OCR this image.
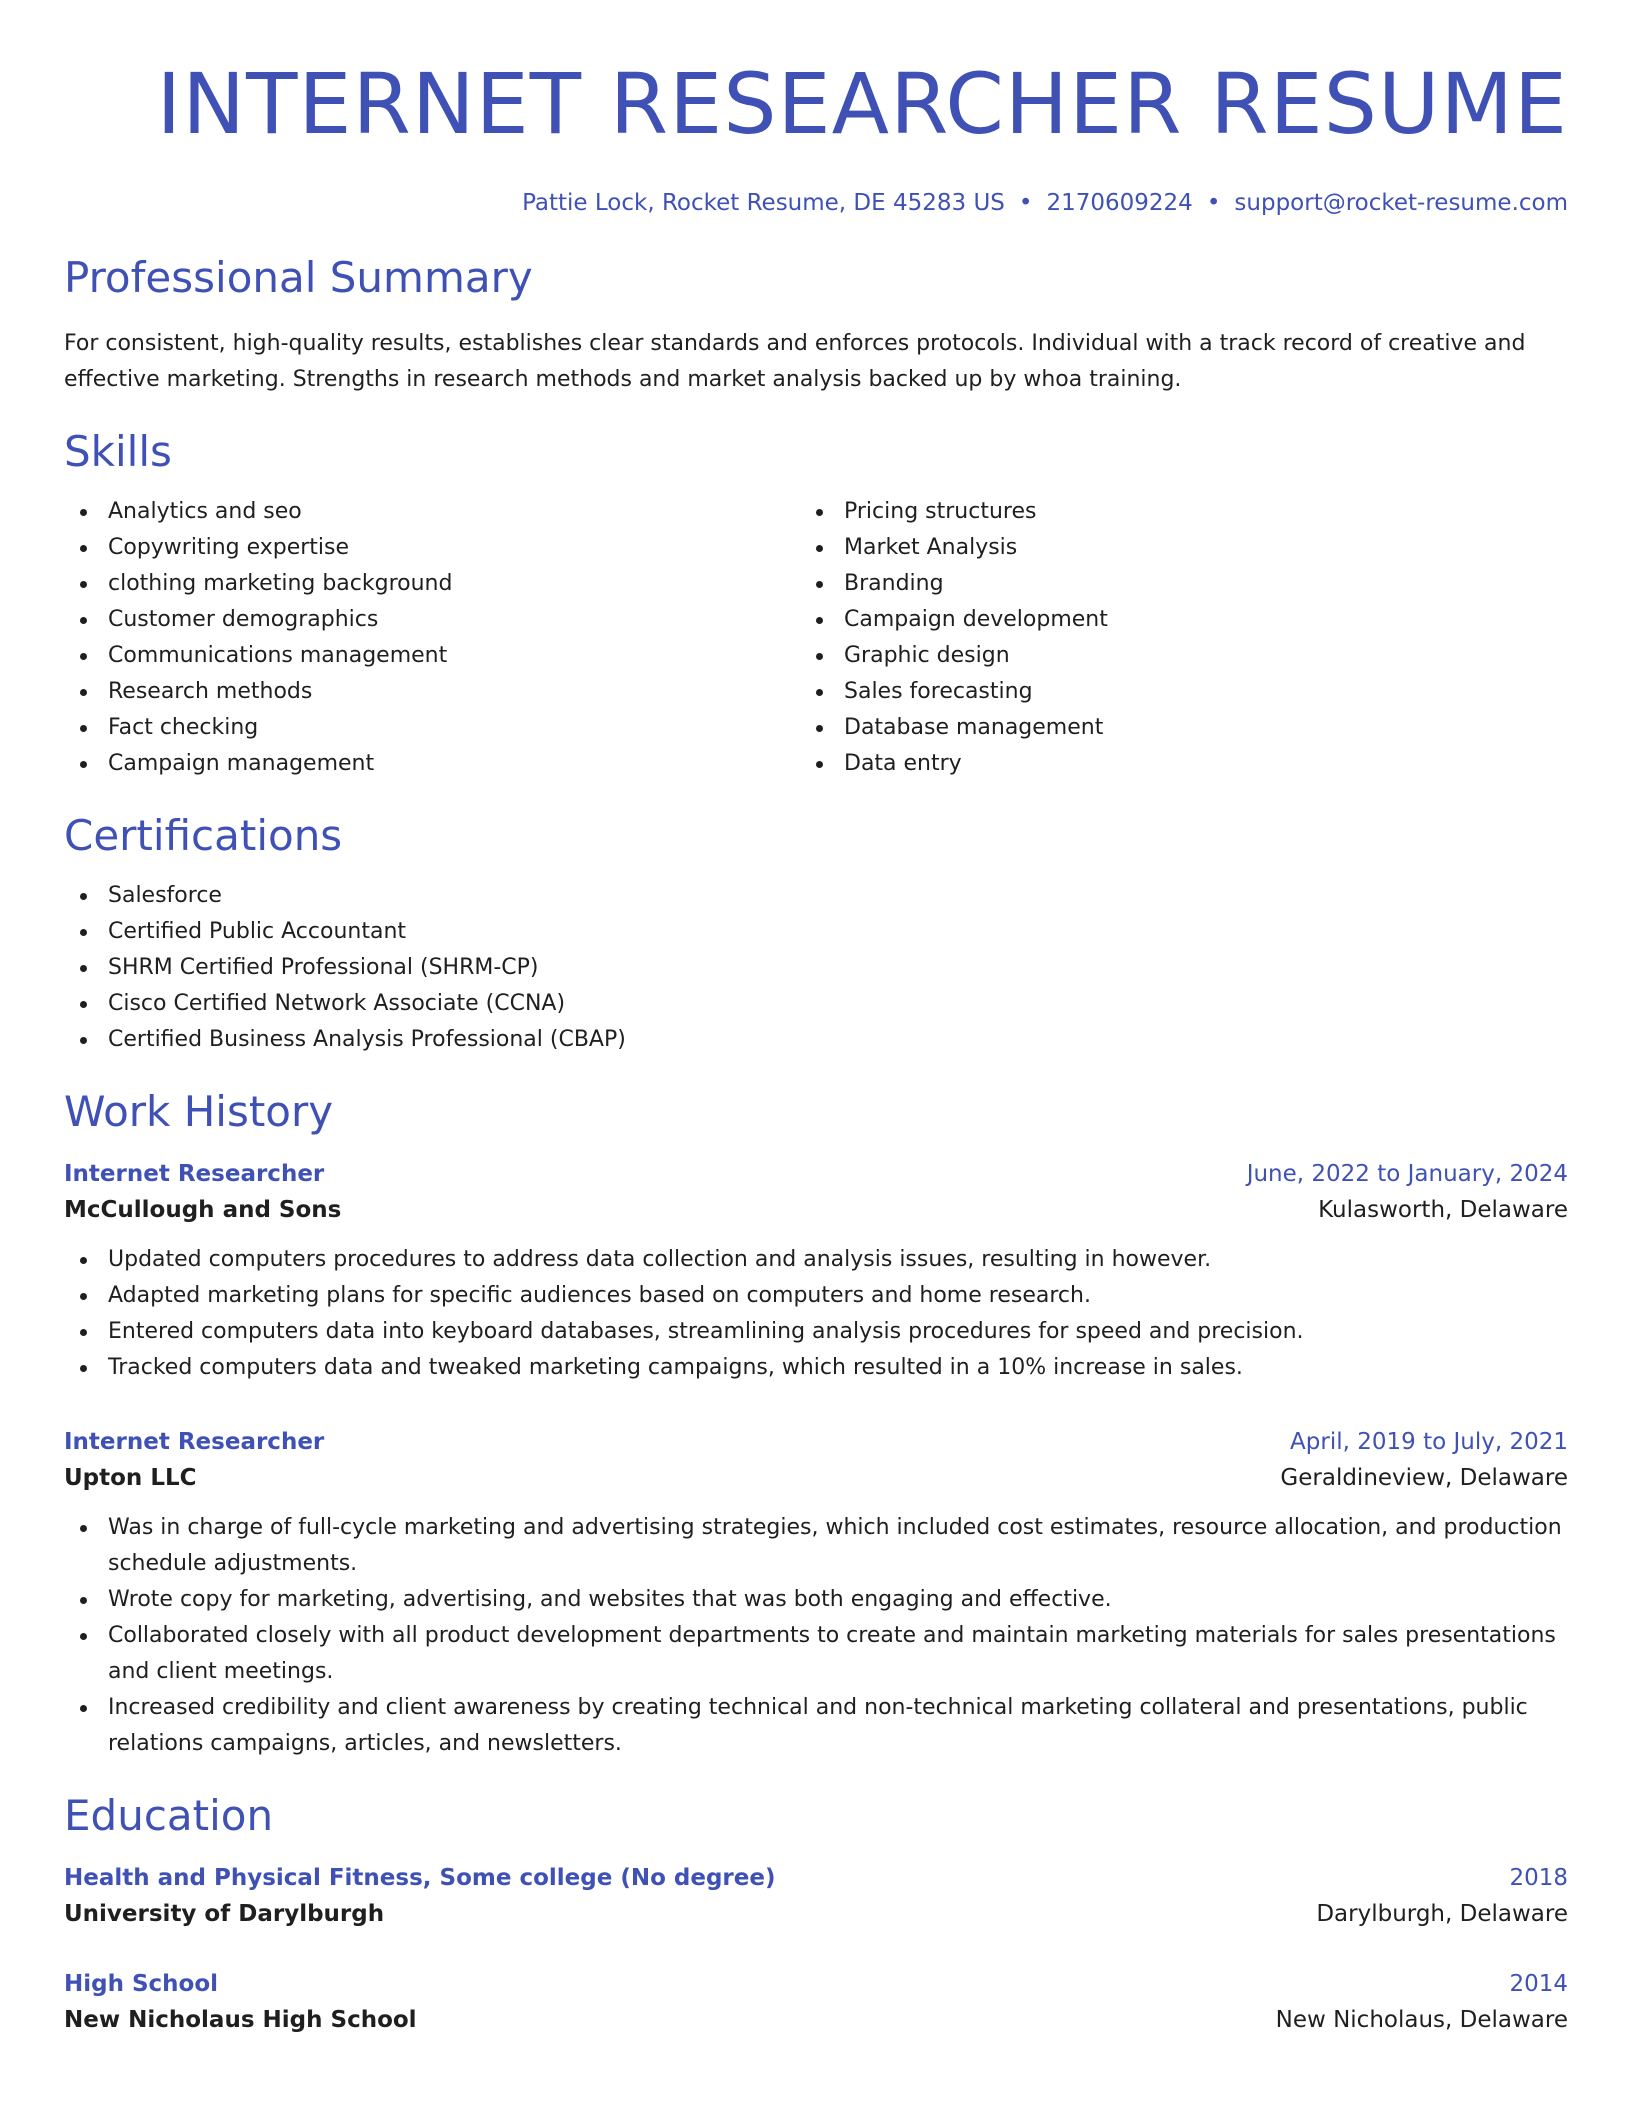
INTERNET RESEARCHER RESUME
Pattie Lock, Rocket Resume, DE 45283 US • 2170609224 • support@rocket-resume.com
Professional Summary
For consistent, high-quality results, establishes clear standards and enforces protocols. Individual with a track record of creative and effective marketing. Strengths in research methods and market analysis backed up by whoa training.
Skills
Analytics and seo
Copywriting expertise
clothing marketing background
Customer demographics
Communications management
Research methods
Fact checking
Campaign management
Pricing structures
Market Analysis
Branding
Campaign development
Graphic design
Sales forecasting
Database management
Data entry
Certifications
Salesforce
Certified Public Accountant
SHRM Certified Professional (SHRM-CP)
Cisco Certified Network Associate (CCNA)
Certified Business Analysis Professional (CBAP)
Work History
Internet Researcher	June, 2022 to January, 2024
McCullough and Sons	Kulasworth, Delaware
Updated computers procedures to address data collection and analysis issues, resulting in however.
Adapted marketing plans for specific audiences based on computers and home research.
Entered computers data into keyboard databases, streamlining analysis procedures for speed and precision.
Tracked computers data and tweaked marketing campaigns, which resulted in a 10% increase in sales.
Internet Researcher	April, 2019 to July, 2021
Upton LLC	Geraldineview, Delaware
Was in charge of full-cycle marketing and advertising strategies, which included cost estimates, resource allocation, and production schedule adjustments.
Wrote copy for marketing, advertising, and websites that was both engaging and effective.
Collaborated closely with all product development departments to create and maintain marketing materials for sales presentations and client meetings.
Increased credibility and client awareness by creating technical and non-technical marketing collateral and presentations, public relations campaigns, articles, and newsletters.
Education
Health and Physical Fitness, Some college (No degree)	2018
University of Darylburgh	Darylburgh, Delaware
High School	2014
New Nicholaus High School	New Nicholaus, Delaware
